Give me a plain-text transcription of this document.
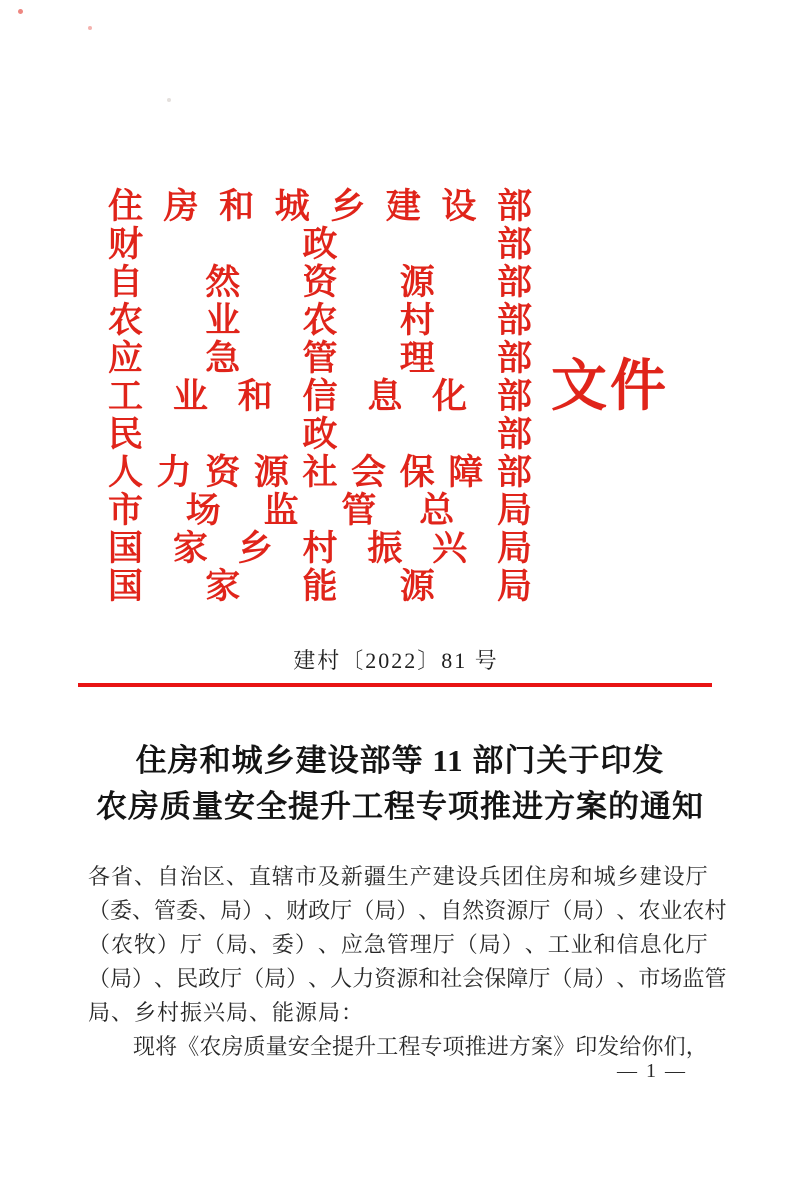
住 房 和 城 乡 建 设 部
财	政	部
自 然 资 源 部
农 业 农 村 部
应 急 管 理 部
工 业 和 信 息 化 部
民	政	部
人 力 资 源 社 会 保 障 部
市 场 监 管 总 局
国 家 乡 村 振 兴 局
国 家 能 源 局
文件
建村〔2022〕81 号
住房和城乡建设部等 11 部门关于印发
农房质量安全提升工程专项推进方案的通知
各 省 、 自 治 区 、 直 辖 市 及 新 疆 生 产 建 设 兵 团 住 房 和 城 乡 建 设 厅
（ 委 、 管 委 、 局 ） 、 财 政 厅 （ 局 ） 、 自 然 资 源 厅 （ 局 ） 、 农 业 农 村
（ 农 牧 ） 厅 （ 局 、 委 ） 、 应 急 管 理 厅 （ 局 ） 、 工 业 和 信 息 化 厅
（ 局 ） 、 民 政 厅 （ 局 ） 、 人 力 资 源 和 社 会 保 障 厅 （ 局 ） 、 市 场 监 管
局、乡村振兴局、能源局：
现 将 《 农 房 质 量 安 全 提 升 工 程 专 项 推 进 方 案 》 印 发 给 你 们 ，
— 1 —
